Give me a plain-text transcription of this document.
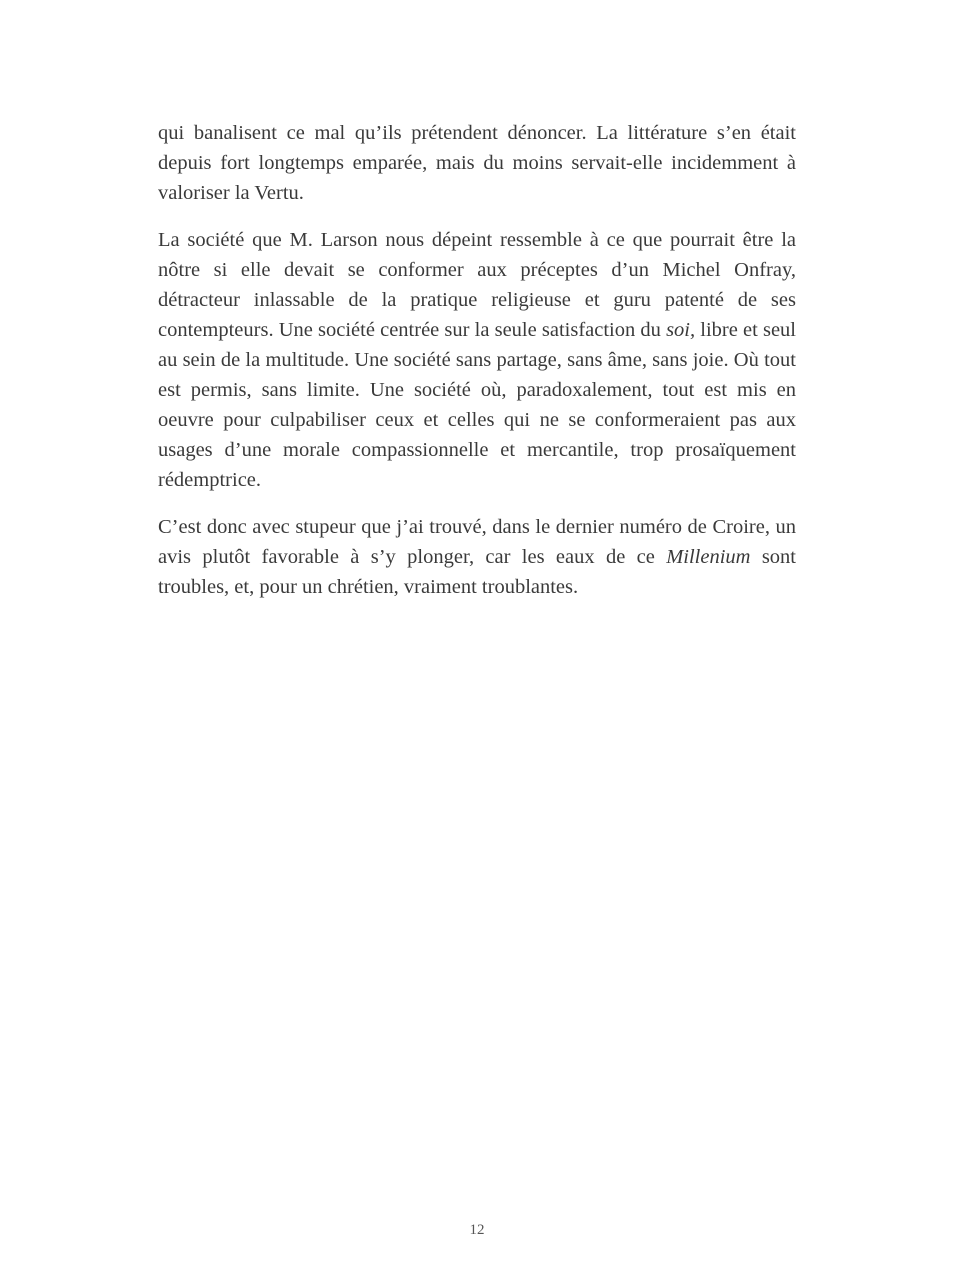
qui banalisent ce mal qu’ils prétendent dénoncer. La littérature s’en était depuis fort longtemps emparée, mais du moins servait-elle incidemment à valoriser la Vertu.

La société que M. Larson nous dépeint ressemble à ce que pourrait être la nôtre si elle devait se conformer aux préceptes d’un Michel Onfray, détracteur inlassable de la pratique religieuse et guru patenté de ses contempteurs. Une société centrée sur la seule satisfaction du soi, libre et seul au sein de la multitude. Une société sans partage, sans âme, sans joie. Où tout est permis, sans limite. Une société où, paradoxalement, tout est mis en oeuvre pour culpabiliser ceux et celles qui ne se conformeraient pas aux usages d’une morale compassionnelle et mercantile, trop prosaïquement rédemptrice.

C’est donc avec stupeur que j’ai trouvé, dans le dernier numéro de Croire, un avis plutôt favorable à s’y plonger, car les eaux de ce Millenium sont troubles, et, pour un chrétien, vraiment troublantes.

12
